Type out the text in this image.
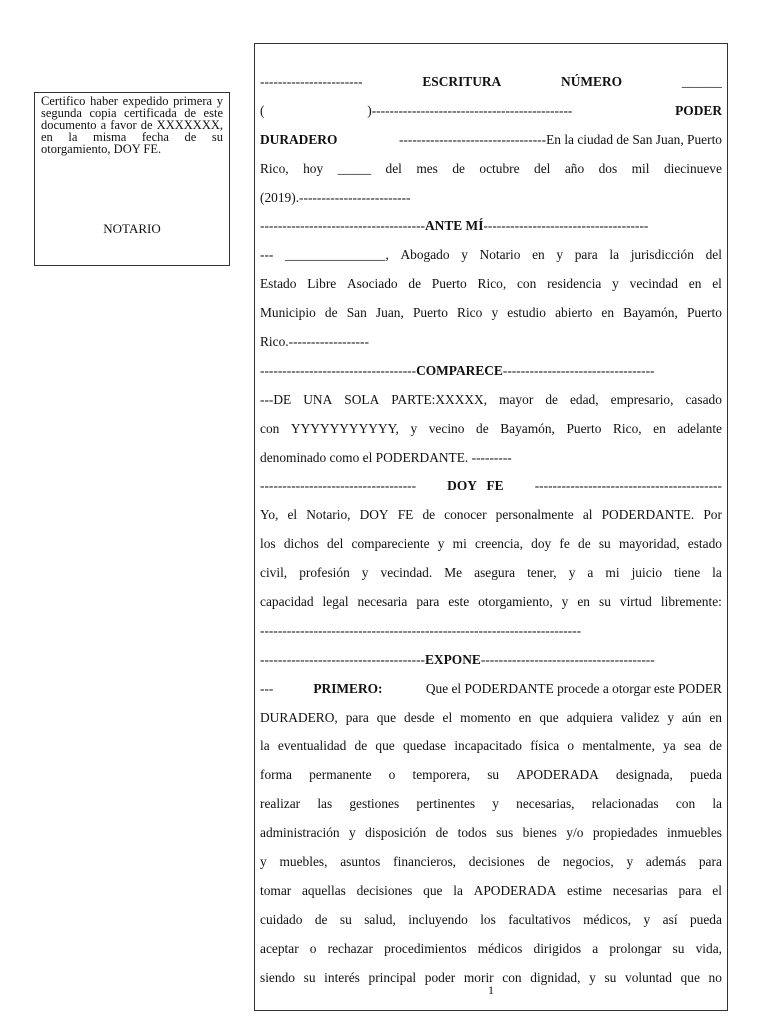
Certifico haber expedido primera y segunda copia certificada de este documento a favor de XXXXXXX, en la misma fecha de su otorgamiento, DOY FE.

NOTARIO
-----------------------	ESCRITURA	NÚMERO	______
(	)---------------------------------------------	PODER
DURADERO	---------------------------------En la ciudad de San Juan, Puerto
Rico, hoy _____ del mes de octubre del año dos mil diecinueve
(2019).-------------------------
-------------------------------------ANTE MÍ-------------------------------------
--- _______________, Abogado y Notario en y para la jurisdicción del
Estado Libre Asociado de Puerto Rico, con residencia y vecindad en el
Municipio de San Juan, Puerto Rico y estudio abierto en Bayamón, Puerto
Rico.------------------
-----------------------------------COMPARECE----------------------------------
---DE UNA SOLA PARTE:XXXXX, mayor de edad, empresario, casado
con YYYYYYYYYYY, y vecino de Bayamón, Puerto Rico, en adelante
denominado como el PODERDANTE. ---------
----------------------------------- DOY   FE ------------------------------------------
Yo, el Notario, DOY FE de conocer personalmente al PODERDANTE. Por
los dichos del compareciente y mi creencia, doy fe de su mayoridad, estado
civil, profesión y vecindad. Me asegura tener, y a mi juicio tiene la
capacidad legal necesaria para este otorgamiento, y en su virtud libremente:
------------------------------------------------------------------------
-------------------------------------EXPONE---------------------------------------
---	PRIMERO:	Que el PODERDANTE procede a otorgar este PODER
DURADERO, para que desde el momento en que adquiera validez y aún en
la eventualidad de que quedase incapacitado física o mentalmente, ya sea de
forma permanente o temporera, su APODERADA designada, pueda
realizar las gestiones pertinentes y necesarias, relacionadas con la
administración y disposición de todos sus bienes y/o propiedades inmuebles
y muebles, asuntos financieros, decisiones de negocios, y además para
tomar aquellas decisiones que la APODERADA estime necesarias para el
cuidado de su salud, incluyendo los facultativos médicos, y así pueda
aceptar o rechazar procedimientos médicos dirigidos a prolongar su vida,
siendo su interés principal poder morir con dignidad, y su voluntad que no
1
